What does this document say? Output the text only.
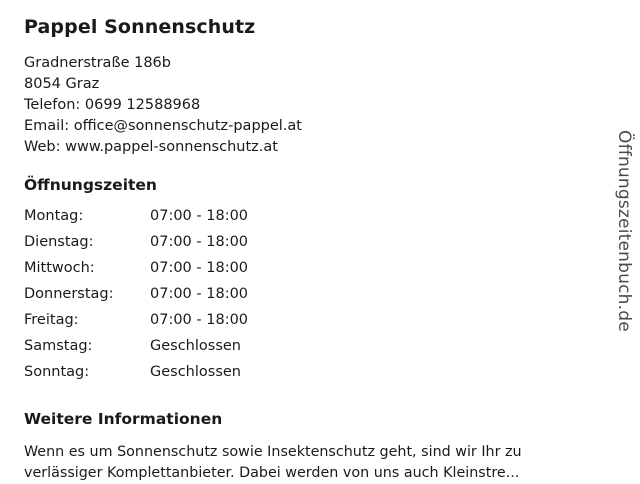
Pappel Sonnenschutz
Gradnerstraße 186b
8054 Graz
Telefon: 0699 12588968
Email: office@sonnenschutz-pappel.at
Web: www.pappel-sonnenschutz.at
Öffnungszeiten
Montag:	07:00 - 18:00
Dienstag:	07:00 - 18:00
Mittwoch:	07:00 - 18:00
Donnerstag:	07:00 - 18:00
Freitag:	07:00 - 18:00
Samstag:	Geschlossen
Sonntag:	Geschlossen
Weitere Informationen

Wenn es um Sonnenschutz sowie Insektenschutz geht, sind wir Ihr zu verlässiger Komplettanbieter. Dabei werden von uns auch Kleinstre...

Öffnungszeitenbuch.de
